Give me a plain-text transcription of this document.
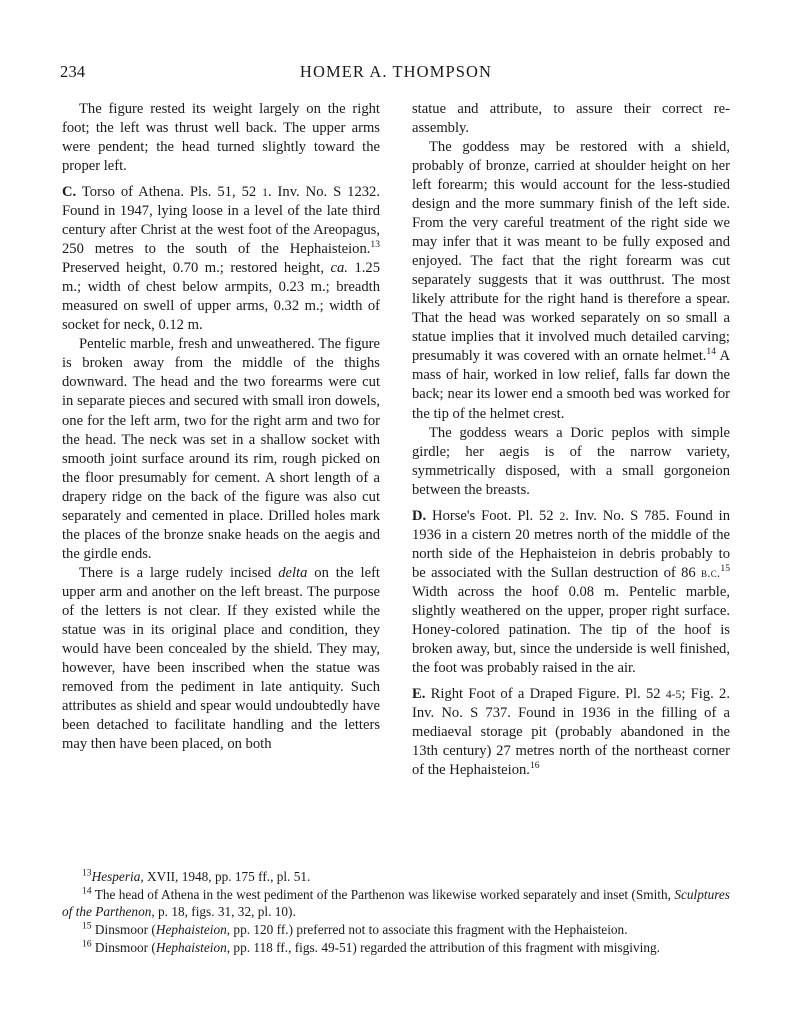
234	HOMER A. THOMPSON

The figure rested its weight largely on the right foot; the left was thrust well back. The upper arms were pendent; the head turned slightly toward the proper left.

C. Torso of Athena. Pls. 51, 52 1. Inv. No. S 1232. Found in 1947, lying loose in a level of the late third century after Christ at the west foot of the Areopagus, 250 metres to the south of the Hephaisteion.$^{13}$ Preserved height, 0.70 m.; restored height, ca. 1.25 m.; width of chest below armpits, 0.23 m.; breadth measured on swell of upper arms, 0.32 m.; width of socket for neck, 0.12 m.

Pentelic marble, fresh and unweathered. The figure is broken away from the middle of the thighs downward. The head and the two forearms were cut in separate pieces and secured with small iron dowels, one for the left arm, two for the right arm and two for the head. The neck was set in a shallow socket with smooth joint surface around its rim, rough picked on the floor presumably for cement. A short length of a drapery ridge on the back of the figure was also cut separately and cemented in place. Drilled holes mark the places of the bronze snake heads on the aegis and the girdle ends.

There is a large rudely incised delta on the left upper arm and another on the left breast. The purpose of the letters is not clear. If they existed while the statue was in its original place and condition, they would have been concealed by the shield. They may, however, have been inscribed when the statue was removed from the pediment in late antiquity. Such attributes as shield and spear would undoubtedly have been detached to facilitate handling and the letters may then have been placed, on both

statue and attribute, to assure their correct re-assembly.

The goddess may be restored with a shield, probably of bronze, carried at shoulder height on her left forearm; this would account for the less-studied design and the more summary finish of the left side. From the very careful treatment of the right side we may infer that it was meant to be fully exposed and enjoyed. The fact that the right forearm was cut separately suggests that it was outthrust. The most likely attribute for the right hand is therefore a spear. That the head was worked separately on so small a statue implies that it involved much detailed carving; presumably it was covered with an ornate helmet.$^{14}$ A mass of hair, worked in low relief, falls far down the back; near its lower end a smooth bed was worked for the tip of the helmet crest.

The goddess wears a Doric peplos with simple girdle; her aegis is of the narrow variety, symmetrically disposed, with a small gorgoneion between the breasts.

D. Horse's Foot. Pl. 52 2. Inv. No. S 785. Found in 1936 in a cistern 20 metres north of the middle of the north side of the Hephaisteion in debris probably to be associated with the Sullan destruction of 86 b.c.$^{15}$ Width across the hoof 0.08 m. Pentelic marble, slightly weathered on the upper, proper right surface. Honey-colored patination. The tip of the hoof is broken away, but, since the underside is well finished, the foot was probably raised in the air.

E. Right Foot of a Draped Figure. Pl. 52 4-5; Fig. 2. Inv. No. S 737. Found in 1936 in the filling of a mediaeval storage pit (probably abandoned in the 13th century) 27 metres north of the northeast corner of the Hephaisteion.$^{16}$

$^{13}$Hesperia, XVII, 1948, pp. 175 ff., pl. 51.

$^{14}$ The head of Athena in the west pediment of the Parthenon was likewise worked separately and inset (Smith, Sculptures of the Parthenon, p. 18, figs. 31, 32, pl. 10).

$^{15}$ Dinsmoor (Hephaisteion, pp. 120 ff.) preferred not to associate this fragment with the Hephaisteion.

$^{16}$ Dinsmoor (Hephaisteion, pp. 118 ff., figs. 49-51) regarded the attribution of this fragment with misgiving.
